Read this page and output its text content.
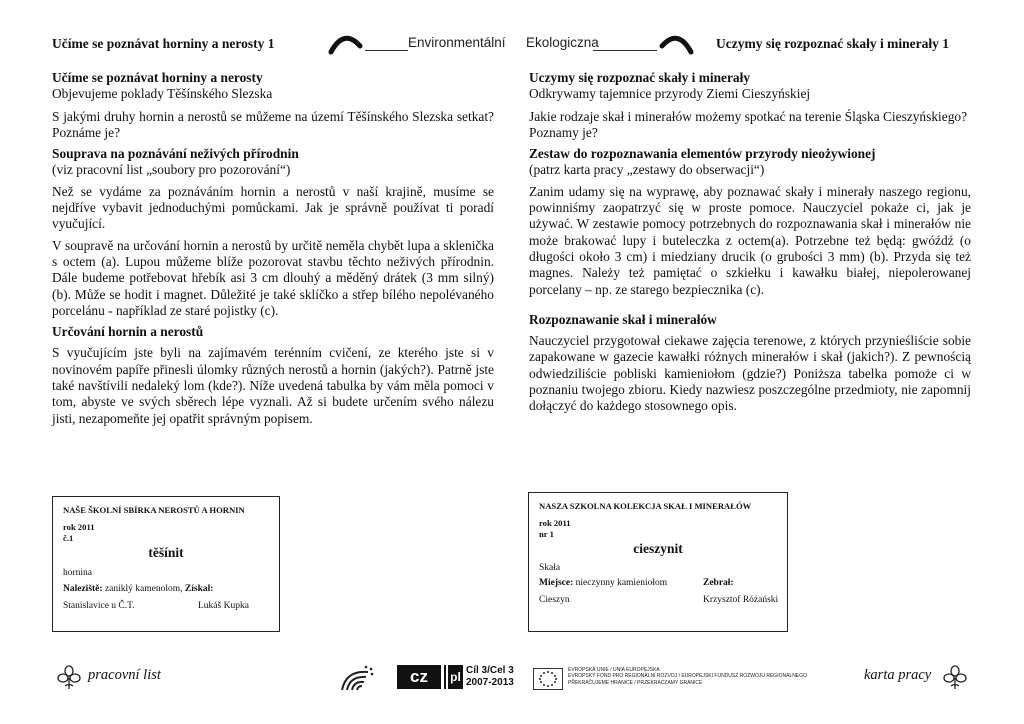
Učíme se poznávat horniny a nerosty 1	Environmentální Ekologiczna	Uczymy się rozpoznać skały i minerały 1
Učíme se poznávat horniny a nerosty
Objevujeme poklady Těšínského Slezska

S jakými druhy hornin a nerostů se můžeme na území Těšínského Slezska setkat? Poznáme je?

Souprava na poznávání neživých přírodnin
(viz pracovní list „soubory pro pozorování“)

Než se vydáme za poznáváním hornin a nerostů v naší krajině, musíme se nejdříve vybavit jednoduchými pomůckami. Jak je správně používat ti poradí vyučující.

V soupravě na určování hornin a nerostů by určitě neměla chybět lupa a sklenička s octem (a). Lupou můžeme blíže pozorovat stavbu těchto neživých přírodnin. Dále budeme potřebovat hřebík asi 3 cm dlouhý a měděný drátek (3 mm silný) (b). Může se hodit i magnet. Důležité je také sklíčko a střep bílého nepolévaného porcelánu - například ze staré pojistky (c).

Určování hornin a nerostů

S vyučujícím jste byli na zajímavém terénním cvičení, ze kterého jste si v novinovém papíře přinesli úlomky různých nerostů a hornin (jakých?). Patrně jste také navštívili nedaleký lom (kde?). Níže uvedená tabulka by vám měla pomoci v tom, abyste ve svých sběrech lépe vyznali. Až si budete určením svého nálezu jisti, nezapomeňte jej opatřit správným popisem.

Uczymy się rozpoznać skały i minerały
Odkrywamy tajemnice przyrody Ziemi Cieszyńskiej

Jakie rodzaje skał i minerałów możemy spotkać na terenie Śląska Cieszyńskiego?

Poznamy je?
Zestaw do rozpoznawania elementów przyrody nieożywionej
(patrz karta pracy „zestawy do obserwacji“)

Zanim udamy się na wyprawę, aby poznawać skały i minerały naszego regionu, powinniśmy zaopatrzyć się w proste pomoce. Nauczyciel pokaże ci, jak je używać. W zestawie pomocy potrzebnych do rozpoznawania skał i minerałów nie może brakować lupy i buteleczka z octem(a). Potrzebne też będą: gwóźdź (o długości około 3 cm) i miedziany drucik (o grubości 3 mm) (b). Przyda się też magnes. Należy też pamiętać o szkiełku i kawałku białej, niepolerowanej porcelany – np. ze starego bezpiecznika (c).

Rozpoznawanie skał i minerałów

Nauczyciel przygotował ciekawe zajęcia terenowe, z których przynieśliście sobie zapakowane w gazecie kawałki różnych minerałów i skał (jakich?). Z pewnością odwiedziliście pobliski kamieniołom (gdzie?) Poniższa tabelka pomoże ci w poznaniu twojego zbioru. Kiedy nazwiesz poszczególne przedmioty, nie zapomnij dołączyć do każdego stosownego opis.

NAŠE ŠKOLNÍ SBÍRKA NEROSTŮ A HORNIN
rok 2011
č.1
těšínit
hornina
Naleziště: zaniklý kamenolom, Získal:
Stanislavice u Č.T.	Lukáš Kupka
NASZA SZKOLNA KOLEKCJA SKAŁ I MINERAŁÓW
rok 2011
nr 1
cieszynit
Skała
Miejsce: nieczynny kamieniołom	Zebrał:
Cieszyn	Krzysztof Różański
pracovní list	cz	pl Cíl 3/Cel 3
2007-2013
EVROPSKÁ UNIE / UNIA EUROPEJSKA
EVROPSKÝ FOND PRO REGIONÁLNÍ ROZVOJ / EUROPEJSKI FUNDUSZ ROZWOJU REGIONALNEGO
PŘEKRAČUJEME HRANICE / PRZEKRACZAMY GRANICE	karta pracy
